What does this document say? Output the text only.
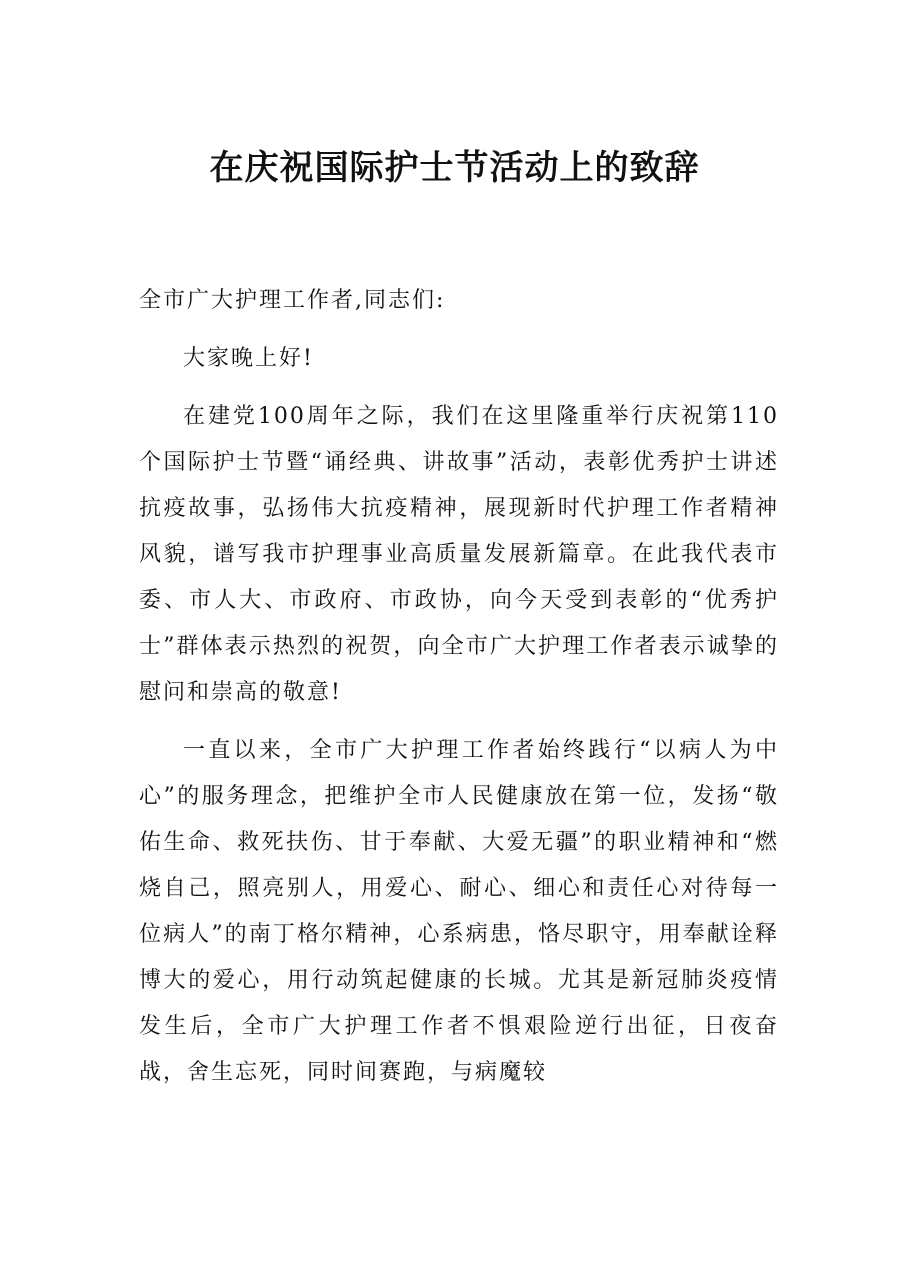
在庆祝国际护士节活动上的致辞

全市广大护理工作者,同志们:

大家晚上好!

在建党100周年之际，我们在这里隆重举行庆祝第110个国际护士节暨“诵经典、讲故事”活动，表彰优秀护士讲述抗疫故事，弘扬伟大抗疫精神，展现新时代护理工作者精神风貌，谱写我市护理事业高质量发展新篇章。在此我代表市委、市人大、市政府、市政协，向今天受到表彰的“优秀护士”群体表示热烈的祝贺，向全市广大护理工作者表示诚挚的慰问和崇高的敬意!

一直以来，全市广大护理工作者始终践行“以病人为中心”的服务理念，把维护全市人民健康放在第一位，发扬“敬佑生命、救死扶伤、甘于奉献、大爱无疆”的职业精神和“燃烧自己，照亮别人，用爱心、耐心、细心和责任心对待每一位病人”的南丁格尔精神，心系病患，恪尽职守，用奉献诠释博大的爱心，用行动筑起健康的长城。尤其是新冠肺炎疫情发生后，全市广大护理工作者不惧艰险逆行出征，日夜奋战，舍生忘死，同时间赛跑，与病魔较
